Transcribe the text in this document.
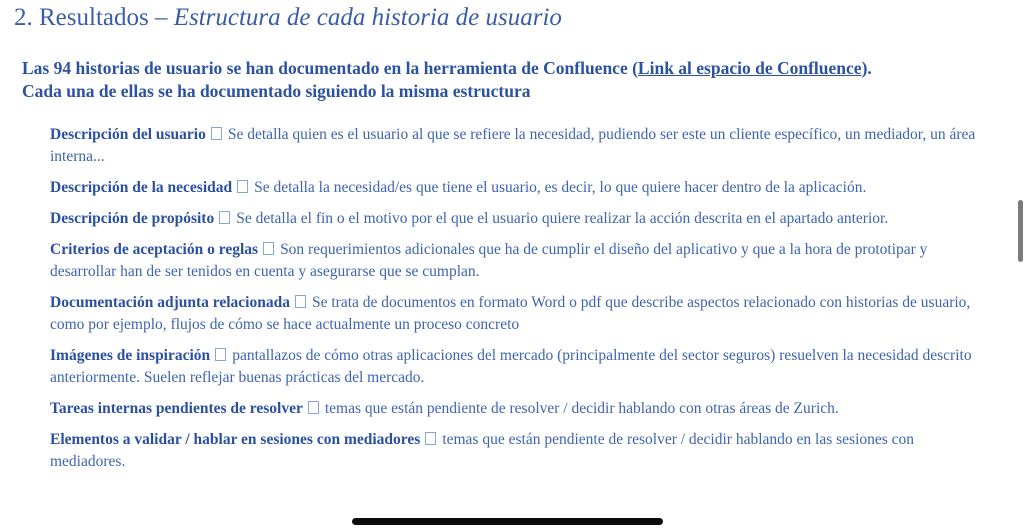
2. Resultados – Estructura de cada historia de usuario
Las 94 historias de usuario se han documentado en la herramienta de Confluence (Link al espacio de Confluence).
Cada una de ellas se ha documentado siguiendo la misma estructura

Descripción del usuario Se detalla quien es el usuario al que se refiere la necesidad, pudiendo ser este un cliente específico, un mediador, un área interna...

Descripción de la necesidad Se detalla la necesidad/es que tiene el usuario, es decir, lo que quiere hacer dentro de la aplicación.

Descripción de propósito Se detalla el fin o el motivo por el que el usuario quiere realizar la acción descrita en el apartado anterior.

Criterios de aceptación o reglas Son requerimientos adicionales que ha de cumplir el diseño del aplicativo y que a la hora de prototipar y desarrollar han de ser tenidos en cuenta y asegurarse que se cumplan.

Documentación adjunta relacionada Se trata de documentos en formato Word o pdf que describe aspectos relacionado con historias de usuario, como por ejemplo, flujos de cómo se hace actualmente un proceso concreto

Imágenes de inspiración pantallazos de cómo otras aplicaciones del mercado (principalmente del sector seguros) resuelven la necesidad descrito anteriormente. Suelen reflejar buenas prácticas del mercado.

Tareas internas pendientes de resolver temas que están pendiente de resolver / decidir hablando con otras áreas de Zurich.

Elementos a validar / hablar en sesiones con mediadores temas que están pendiente de resolver / decidir hablando en las sesiones con mediadores.
